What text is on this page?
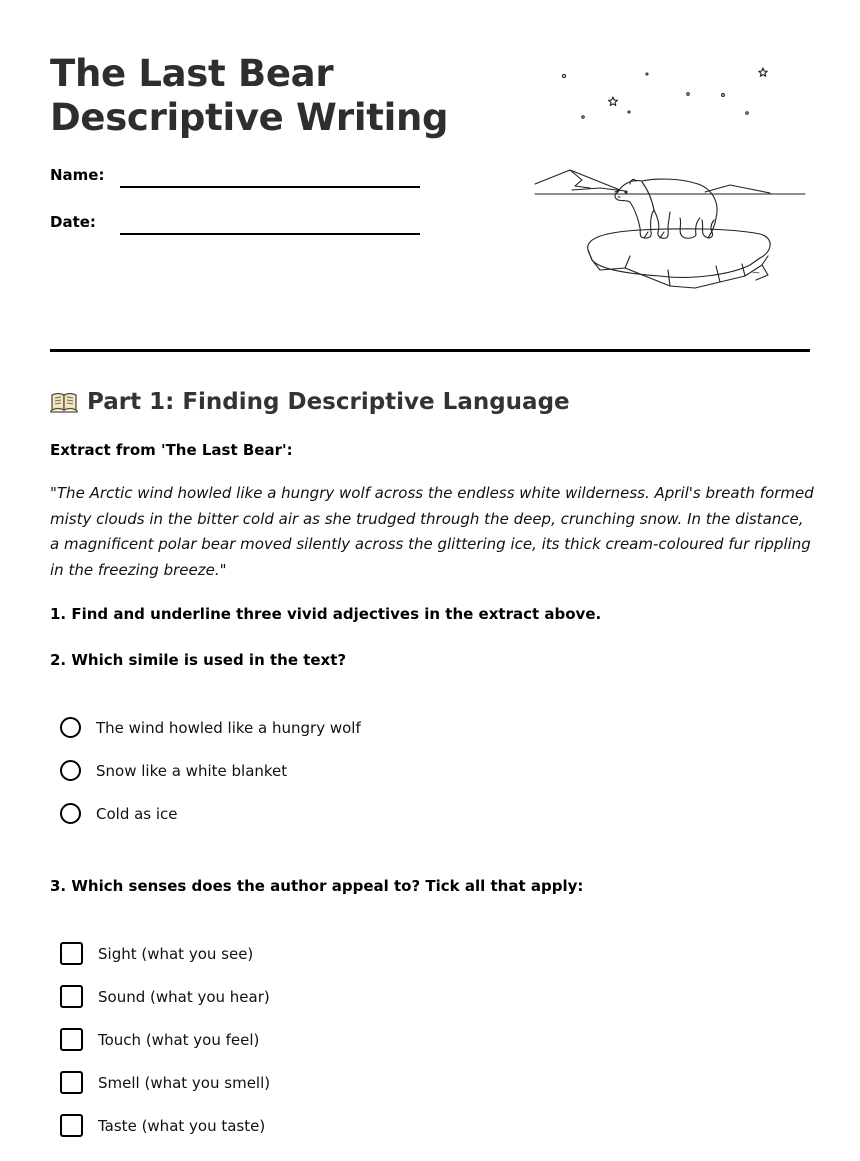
The Last Bear
Descriptive Writing
Name:
Date:
Part 1: Finding Descriptive Language
Extract from 'The Last Bear':

"The Arctic wind howled like a hungry wolf across the endless white wilderness. April's breath formed misty clouds in the bitter cold air as she trudged through the deep, crunching snow. In the distance, a magnificent polar bear moved silently across the glittering ice, its thick cream-coloured fur rippling in the freezing breeze."

1. Find and underline three vivid adjectives in the extract above.
2. Which simile is used in the text?
The wind howled like a hungry wolf
Snow like a white blanket
Cold as ice
3. Which senses does the author appeal to? Tick all that apply:
Sight (what you see)
Sound (what you hear)
Touch (what you feel)
Smell (what you smell)
Taste (what you taste)
